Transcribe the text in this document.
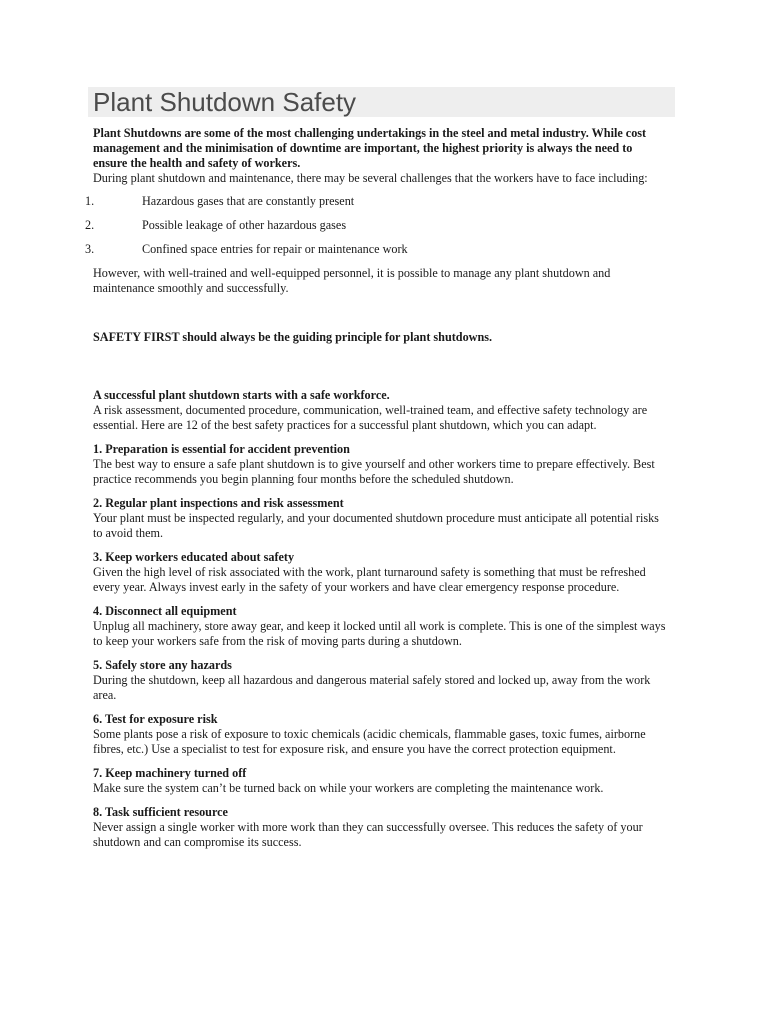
Plant Shutdown Safety

Plant Shutdowns are some of the most challenging undertakings in the steel and metal industry. While cost management and the minimisation of downtime are important, the highest priority is always the need to ensure the health and safety of workers.

During plant shutdown and maintenance, there may be several challenges that the workers have to face including:

1.	Hazardous gases that are constantly present
2.	Possible leakage of other hazardous gases
3.	Confined space entries for repair or maintenance work

However, with well-trained and well-equipped personnel, it is possible to manage any plant shutdown and maintenance smoothly and successfully.

SAFETY FIRST should always be the guiding principle for plant shutdowns.

A successful plant shutdown starts with a safe workforce.

A risk assessment, documented procedure, communication, well-trained team, and effective safety technology are essential. Here are 12 of the best safety practices for a successful plant shutdown, which you can adapt.

1. Preparation is essential for accident prevention

The best way to ensure a safe plant shutdown is to give yourself and other workers time to prepare effectively. Best practice recommends you begin planning four months before the scheduled shutdown.

2. Regular plant inspections and risk assessment

Your plant must be inspected regularly, and your documented shutdown procedure must anticipate all potential risks to avoid them.

3. Keep workers educated about safety

Given the high level of risk associated with the work, plant turnaround safety is something that must be refreshed every year. Always invest early in the safety of your workers and have clear emergency response procedure.

4. Disconnect all equipment

Unplug all machinery, store away gear, and keep it locked until all work is complete. This is one of the simplest ways to keep your workers safe from the risk of moving parts during a shutdown.

5. Safely store any hazards

During the shutdown, keep all hazardous and dangerous material safely stored and locked up, away from the work area.

6. Test for exposure risk

Some plants pose a risk of exposure to toxic chemicals (acidic chemicals, flammable gases, toxic fumes, airborne fibres, etc.) Use a specialist to test for exposure risk, and ensure you have the correct protection equipment.

7. Keep machinery turned off

Make sure the system can’t be turned back on while your workers are completing the maintenance work.

8. Task sufficient resource

Never assign a single worker with more work than they can successfully oversee. This reduces the safety of your shutdown and can compromise its success.
